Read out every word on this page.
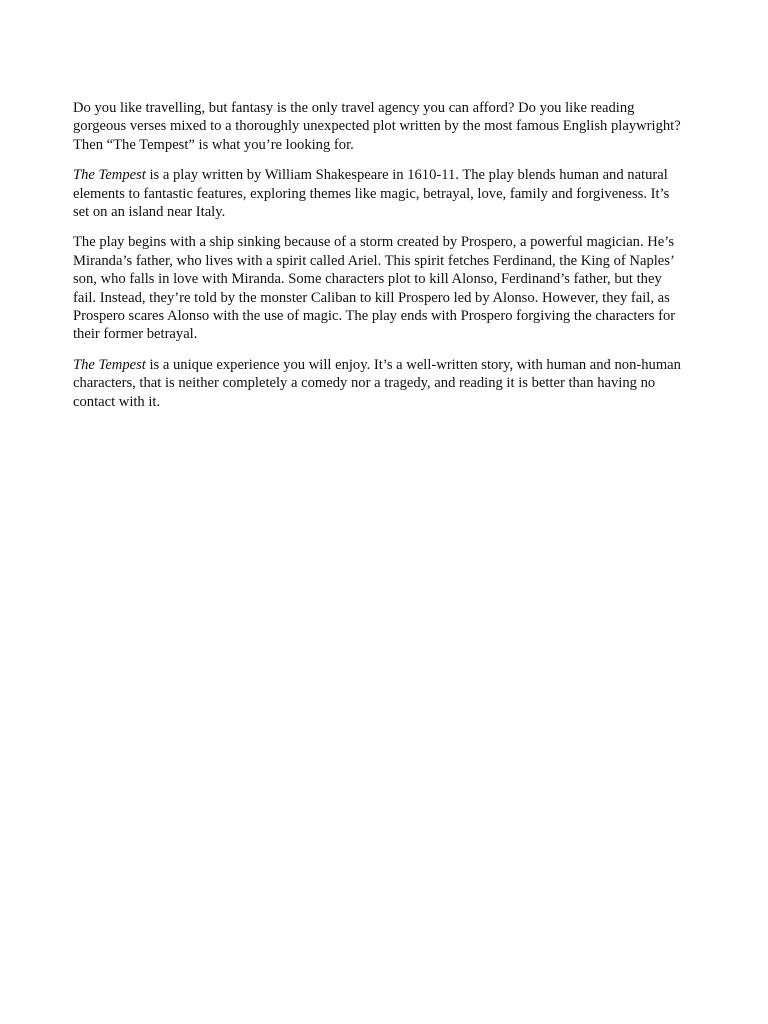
Do you like travelling, but fantasy is the only travel agency you can afford? Do you like reading gorgeous verses mixed to a thoroughly unexpected plot written by the most famous English playwright? Then “The Tempest” is what you’re looking for.

The Tempest is a play written by William Shakespeare in 1610-11. The play blends human and natural elements to fantastic features, exploring themes like magic, betrayal, love, family and forgiveness. It’s set on an island near Italy.

The play begins with a ship sinking because of a storm created by Prospero, a powerful magician. He’s Miranda’s father, who lives with a spirit called Ariel. This spirit fetches Ferdinand, the King of Naples’ son, who falls in love with Miranda. Some characters plot to kill Alonso, Ferdinand’s father, but they fail. Instead, they’re told by the monster Caliban to kill Prospero led by Alonso. However, they fail, as Prospero scares Alonso with the use of magic. The play ends with Prospero forgiving the characters for their former betrayal.

The Tempest is a unique experience you will enjoy. It’s a well-written story, with human and non-human characters, that is neither completely a comedy nor a tragedy, and reading it is better than having no contact with it.
